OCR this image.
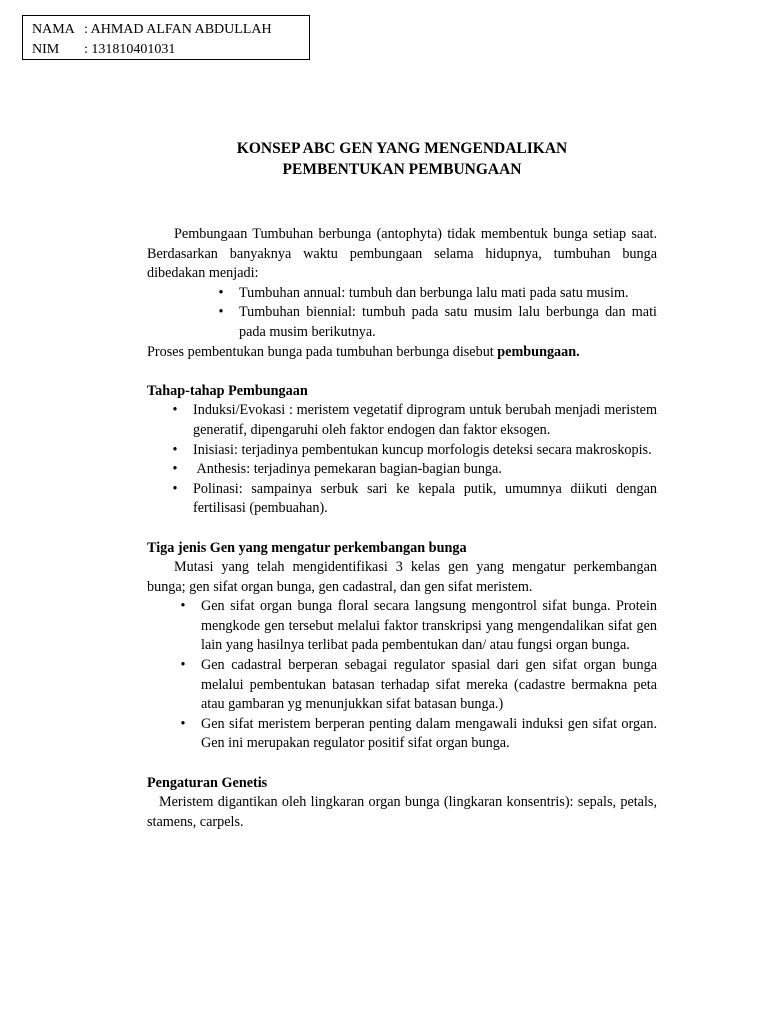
NAMA : AHMAD ALFAN ABDULLAH
NIM : 131810401031
KONSEP ABC GEN YANG MENGENDALIKAN
PEMBENTUKAN PEMBUNGAAN

Pembungaan Tumbuhan berbunga (antophyta) tidak membentuk bunga setiap saat. Berdasarkan banyaknya waktu pembungaan selama hidupnya, tumbuhan bunga dibedakan menjadi:

• Tumbuhan annual: tumbuh dan berbunga lalu mati pada satu musim.
• Tumbuhan biennial: tumbuh pada satu musim lalu berbunga dan mati pada musim berikutnya.

Proses pembentukan bunga pada tumbuhan berbunga disebut pembungaan.

Tahap-tahap Pembungaan

• Induksi/Evokasi : meristem vegetatif diprogram untuk berubah menjadi meristem generatif, dipengaruhi oleh faktor endogen dan faktor eksogen.
• Inisiasi: terjadinya pembentukan kuncup morfologis deteksi secara makroskopis.
• Anthesis: terjadinya pemekaran bagian-bagian bunga.
• Polinasi: sampainya serbuk sari ke kepala putik, umumnya diikuti dengan fertilisasi (pembuahan).

Tiga jenis Gen yang mengatur perkembangan bunga

Mutasi yang telah mengidentifikasi 3 kelas gen yang mengatur perkembangan bunga; gen sifat organ bunga, gen cadastral, dan gen sifat meristem.

• Gen sifat organ bunga floral secara langsung mengontrol sifat bunga. Protein mengkode gen tersebut melalui faktor transkripsi yang mengendalikan sifat gen lain yang hasilnya terlibat pada pembentukan dan/ atau fungsi organ bunga.
• Gen cadastral berperan sebagai regulator spasial dari gen sifat organ bunga melalui pembentukan batasan terhadap sifat mereka (cadastre bermakna peta atau gambaran yg menunjukkan sifat batasan bunga.)
• Gen sifat meristem berperan penting dalam mengawali induksi gen sifat organ. Gen ini merupakan regulator positif sifat organ bunga.

Pengaturan Genetis

Meristem digantikan oleh lingkaran organ bunga (lingkaran konsentris): sepals, petals, stamens, carpels.
